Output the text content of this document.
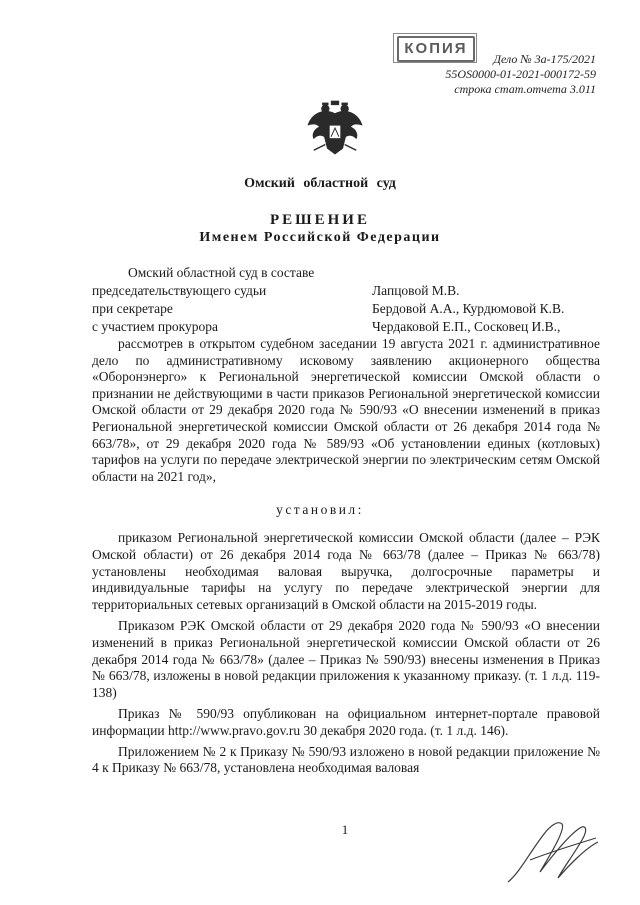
КОПИЯ
Дело № 3а-175/2021
55OS0000-01-2021-000172-59
строка стат.отчета 3.011
Омский областной суд
РЕШЕНИЕ
Именем Российской Федерации
Омский областной суд в составе
председательствующего судьи	Лапцовой М.В.
при секретаре	Бердовой А.А., Курдюмовой К.В.
с участием прокурора	Чердаковой Е.П., Сосковец И.В.,

рассмотрев в открытом судебном заседании 19 августа 2021 г. административное дело по административному исковому заявлению акционерного общества «Оборонэнерго» к Региональной энергетической комиссии Омской области о признании не действующими в части приказов Региональной энергетической комиссии Омской области от 29 декабря 2020 года № 590/93 «О внесении изменений в приказ Региональной энергетической комиссии Омской области от 26 декабря 2014 года № 663/78», от 29 декабря 2020 года № 589/93 «Об установлении единых (котловых) тарифов на услуги по передаче электрической энергии по электрическим сетям Омской области на 2021 год»,

установил:

приказом Региональной энергетической комиссии Омской области (далее – РЭК Омской области) от 26 декабря 2014 года № 663/78 (далее – Приказ № 663/78) установлены необходимая валовая выручка, долгосрочные параметры и индивидуальные тарифы на услугу по передаче электрической энергии для территориальных сетевых организаций в Омской области на 2015-2019 годы.

Приказом РЭК Омской области от 29 декабря 2020 года № 590/93 «О внесении изменений в приказ Региональной энергетической комиссии Омской области от 26 декабря 2014 года № 663/78» (далее – Приказ № 590/93) внесены изменения в Приказ № 663/78, изложены в новой редакции приложения к указанному приказу. (т. 1 л.д. 119-138)

Приказ № 590/93 опубликован на официальном интернет-портале правовой информации http://www.pravo.gov.ru 30 декабря 2020 года. (т. 1 л.д. 146).

Приложением № 2 к Приказу № 590/93 изложено в новой редакции приложение № 4 к Приказу № 663/78, установлена необходимая валовая

1
